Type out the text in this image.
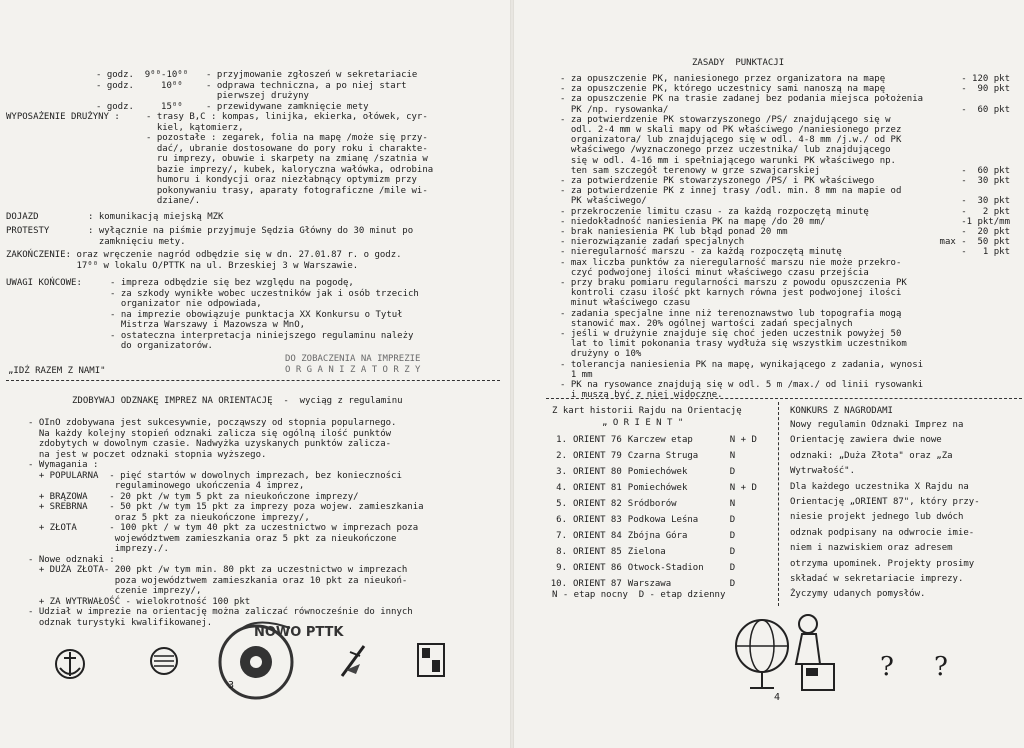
- godz.  9⁰⁰-10⁰⁰ - przyjmowanie zgłoszeń w sekretariacie
- godz.     10⁰⁰	- odprawa techniczna, a po niej start
pierwszej drużyny
- godz.     15⁰⁰	- przewidywane zamknięcie mety
WYPOSAŻENIE DRUŻYNY :	- trasy B,C : kompas, linijka, ekierka, ołówek, cyr-
kiel, kątomierz,
- pozostałe : zegarek, folia na mapę /może się przy-
dać/, ubranie dostosowane do pory roku i charakte-
ru imprezy, obuwie i skarpety na zmianę /szatnia w
bazie imprezy/, kubek, kaloryczna wałówka, odrobina
humoru i kondycji oraz niezłabnący optymizm przy
pokonywaniu trasy, aparaty fotograficzne /mile wi-
dziane/.
DOJAZD	: komunikacją miejską MZK
PROTESTY	: wyłącznie na piśmie przyjmuje Sędzia Główny do 30 minut po
zamknięciu mety.
ZAKOŃCZENIE: oraz wręczenie nagród odbędzie się w dn. 27.01.87 r. o godz.
17⁰⁰ w lokalu O/PTTK na ul. Brzeskiej 3 w Warszawie.
UWAGI KOŃCOWE:	- impreza odbędzie się bez względu na pogodę,
- za szkody wynikłe wobec uczestników jak i osób trzecich
organizator nie odpowiada,
- na imprezie obowiązuje punktacja XX Konkursu o Tytuł
Mistrza Warszawy i Mazowsza w MnO,
- ostateczna interpretacja niniejszego regulaminu należy
do organizatorów.
„IDŹ RAZEM Z NAMI"
DO ZOBACZENIA NA IMPREZIE
O R G A N I Z A T O R Z Y
ZDOBYWAJ ODZNAKĘ IMPREZ NA ORIENTACJĘ  -  wyciąg z regulaminu
- OInO zdobywana jest sukcesywnie, począwszy od stopnia popularnego.
Na każdy kolejny stopień odznaki zalicza się ogólną ilość punktów
zdobytych w dowolnym czasie. Nadwyżka uzyskanych punktów zalicza-
na jest w poczet odznaki stopnia wyższego.
- Wymagania :
+ POPULARNA  - pięć startów w dowolnych imprezach, bez konieczności
regulaminowego ukończenia 4 imprez,
+ BRĄZOWA    - 20 pkt /w tym 5 pkt za nieukończone imprezy/
+ SREBRNA    - 50 pkt /w tym 15 pkt za imprezy poza wojew. zamieszkania
oraz 5 pkt za nieukończone imprezy/,
+ ZŁOTA      - 100 pkt / w tym 40 pkt za uczestnictwo w imprezach poza
województwem zamieszkania oraz 5 pkt za nieukończone
imprezy./.
- Nowe odznaki :
+ DUŻA ZŁOTA- 200 pkt /w tym min. 80 pkt za uczestnictwo w imprezach
poza województwem zamieszkania oraz 10 pkt za nieukoń-
czenie imprezy/,
+ ZA WYTRWAŁOŚĆ - wielokrotność 100 pkt
- Udział w imprezie na orientację można zaliczać równocześnie do innych
odznak turystyki kwalifikowanej.
NOWO PTTK
3
ZASADY  PUNKTACJI
- za opuszczenie PK, naniesionego przez organizatora na mapę	- 120 pkt
- za opuszczenie PK, którego uczestnicy sami nanoszą na mapę	-  90 pkt
- za opuszczenie PK na trasie zadanej bez podania miejsca położenia
PK /np. rysowanka/	-  60 pkt
- za potwierdzenie PK stowarzyszonego /PS/ znajdującego się w
odl. 2-4 mm w skali mapy od PK właściwego /naniesionego przez
organizatora/ lub znajdującego się w odl. 4-8 mm /j.w./ od PK
właściwego /wyznaczonego przez uczestnika/ lub znajdującego
się w odl. 4-16 mm i spełniającego warunki PK właściwego np.
ten sam szczegół terenowy w grze szwajcarskiej	-  60 pkt
- za potwierdzenie PK stowarzyszonego /PS/ i PK właściwego	-  30 pkt
- za potwierdzenie PK z innej trasy /odl. min. 8 mm na mapie od
PK właściwego/	-  30 pkt
- przekroczenie limitu czasu - za każdą rozpoczętą minutę	-   2 pkt
- niedokładność naniesienia PK na mapę /do 20 mm/	-1 pkt/mm
- brak naniesienia PK lub błąd ponad 20 mm	-  20 pkt
- nierozwiązanie zadań specjalnych	max -  50 pkt
- nieregularność marszu - za każdą rozpoczętą minutę	-   1 pkt
- max liczba punktów za nieregularność marszu nie może przekro-
czyć podwojonej ilości minut właściwego czasu przejścia
- przy braku pomiaru regularności marszu z powodu opuszczenia PK
kontroli czasu ilość pkt karnych równa jest podwojonej ilości
minut właściwego czasu
- zadania specjalne inne niż terenoznawstwo lub topografia mogą
stanowić max. 20% ogólnej wartości zadań specjalnych
- jeśli w drużynie znajduje się choć jeden uczestnik powyżej 50
lat to limit pokonania trasy wydłuża się wszystkim uczestnikom
drużyny o 10%
- tolerancja naniesienia PK na mapę, wynikającego z zadania, wynosi
1 mm
- PK na rysowance znajdują się w odl. 5 m /max./ od linii rysowanki
i muszą być z niej widoczne.
Z kart historii Rajdu na Orientację
„ O R I E N T "
1.	ORIENT 76	Karczew etap	N + D
2.	ORIENT 79	Czarna Struga	N
3.	ORIENT 80	Pomiechówek	D
4.	ORIENT 81	Pomiechówek	N + D
5.	ORIENT 82	Sródborów	N
6.	ORIENT 83	Podkowa Leśna	D
7.	ORIENT 84	Zbójna Góra	D
8.	ORIENT 85	Zielona	D
9.	ORIENT 86	Otwock-Stadion	D
10.	ORIENT 87	Warszawa	D
N - etap nocny  D - etap dzienny
KONKURS Z NAGRODAMI
Nowy regulamin Odznaki Imprez na
Orientację zawiera dwie nowe
odznaki: „Duża Złota" oraz „Za
Wytrwałość".
Dla każdego uczestnika X Rajdu na
Orientację „ORIENT 87", który przy-
niesie projekt jednego lub dwóch
odznak podpisany na odwrocie imie-
niem i nazwiskiem oraz adresem
otrzyma upominek. Projekty prosimy
składać w sekretariacie imprezy.
Życzymy udanych pomysłów.
? ?
4
